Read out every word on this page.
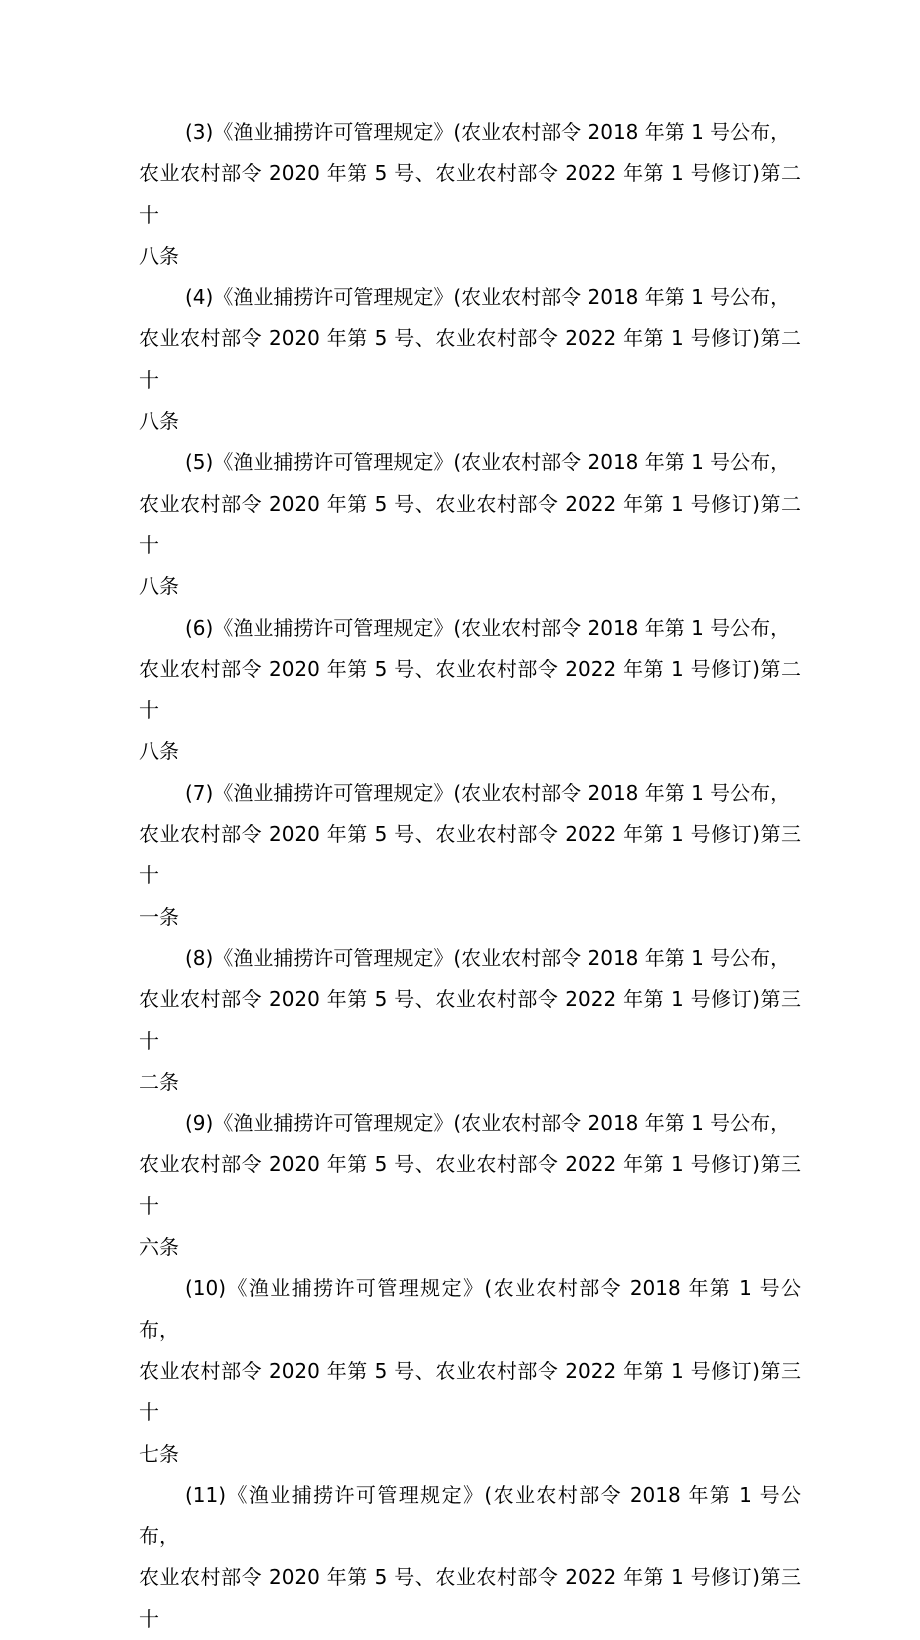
(3)《渔业捕捞许可管理规定》(农业农村部令 2018 年第 1 号公布，
农业农村部令 2020 年第 5 号、农业农村部令 2022 年第 1 号修订)第二十
八条

(4)《渔业捕捞许可管理规定》(农业农村部令 2018 年第 1 号公布，
农业农村部令 2020 年第 5 号、农业农村部令 2022 年第 1 号修订)第二十
八条

(5)《渔业捕捞许可管理规定》(农业农村部令 2018 年第 1 号公布，
农业农村部令 2020 年第 5 号、农业农村部令 2022 年第 1 号修订)第二十
八条

(6)《渔业捕捞许可管理规定》(农业农村部令 2018 年第 1 号公布，
农业农村部令 2020 年第 5 号、农业农村部令 2022 年第 1 号修订)第二十
八条

(7)《渔业捕捞许可管理规定》(农业农村部令 2018 年第 1 号公布，
农业农村部令 2020 年第 5 号、农业农村部令 2022 年第 1 号修订)第三十
一条

(8)《渔业捕捞许可管理规定》(农业农村部令 2018 年第 1 号公布，
农业农村部令 2020 年第 5 号、农业农村部令 2022 年第 1 号修订)第三十
二条

(9)《渔业捕捞许可管理规定》(农业农村部令 2018 年第 1 号公布，
农业农村部令 2020 年第 5 号、农业农村部令 2022 年第 1 号修订)第三十
六条

(10)《渔业捕捞许可管理规定》(农业农村部令 2018 年第 1 号公布，
农业农村部令 2020 年第 5 号、农业农村部令 2022 年第 1 号修订)第三十
七条

(11)《渔业捕捞许可管理规定》(农业农村部令 2018 年第 1 号公布，
农业农村部令 2020 年第 5 号、农业农村部令 2022 年第 1 号修订)第三十
